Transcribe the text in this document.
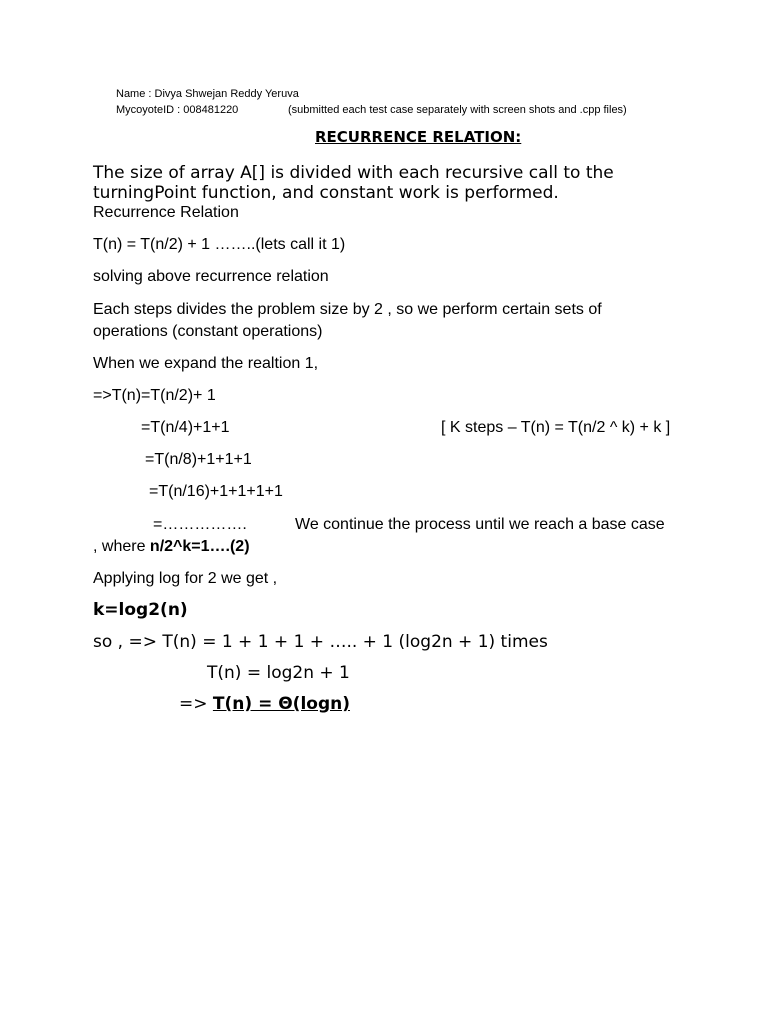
Name : Divya Shwejan Reddy Yeruva
MycoyoteID : 008481220	(submitted each test case separately with screen shots and .cpp files)
RECURRENCE RELATION:
The size of array A[] is divided with each recursive call to the
turningPoint function, and constant work is performed.
Recurrence Relation
T(n) = T(n/2) + 1 ……..(lets call it 1)
solving above recurrence relation
Each steps divides the problem size by 2 , so we perform certain sets of
operations (constant operations)
When we expand the realtion 1,
=>T(n)=T(n/2)+ 1
=T(n/4)+1+1	[ K steps – T(n) = T(n/2 ^ k) + k ]
=T(n/8)+1+1+1
=T(n/16)+1+1+1+1
=…………….	We continue the process until we reach a base case
, where n/2^k=1….(2)
Applying log for 2 we get ,
k=log2(n)
so , => T(n) = 1 + 1 + 1 + ….. + 1 (log2n + 1) times
T(n) = log2n + 1
=> T(n) = Θ(logn)
